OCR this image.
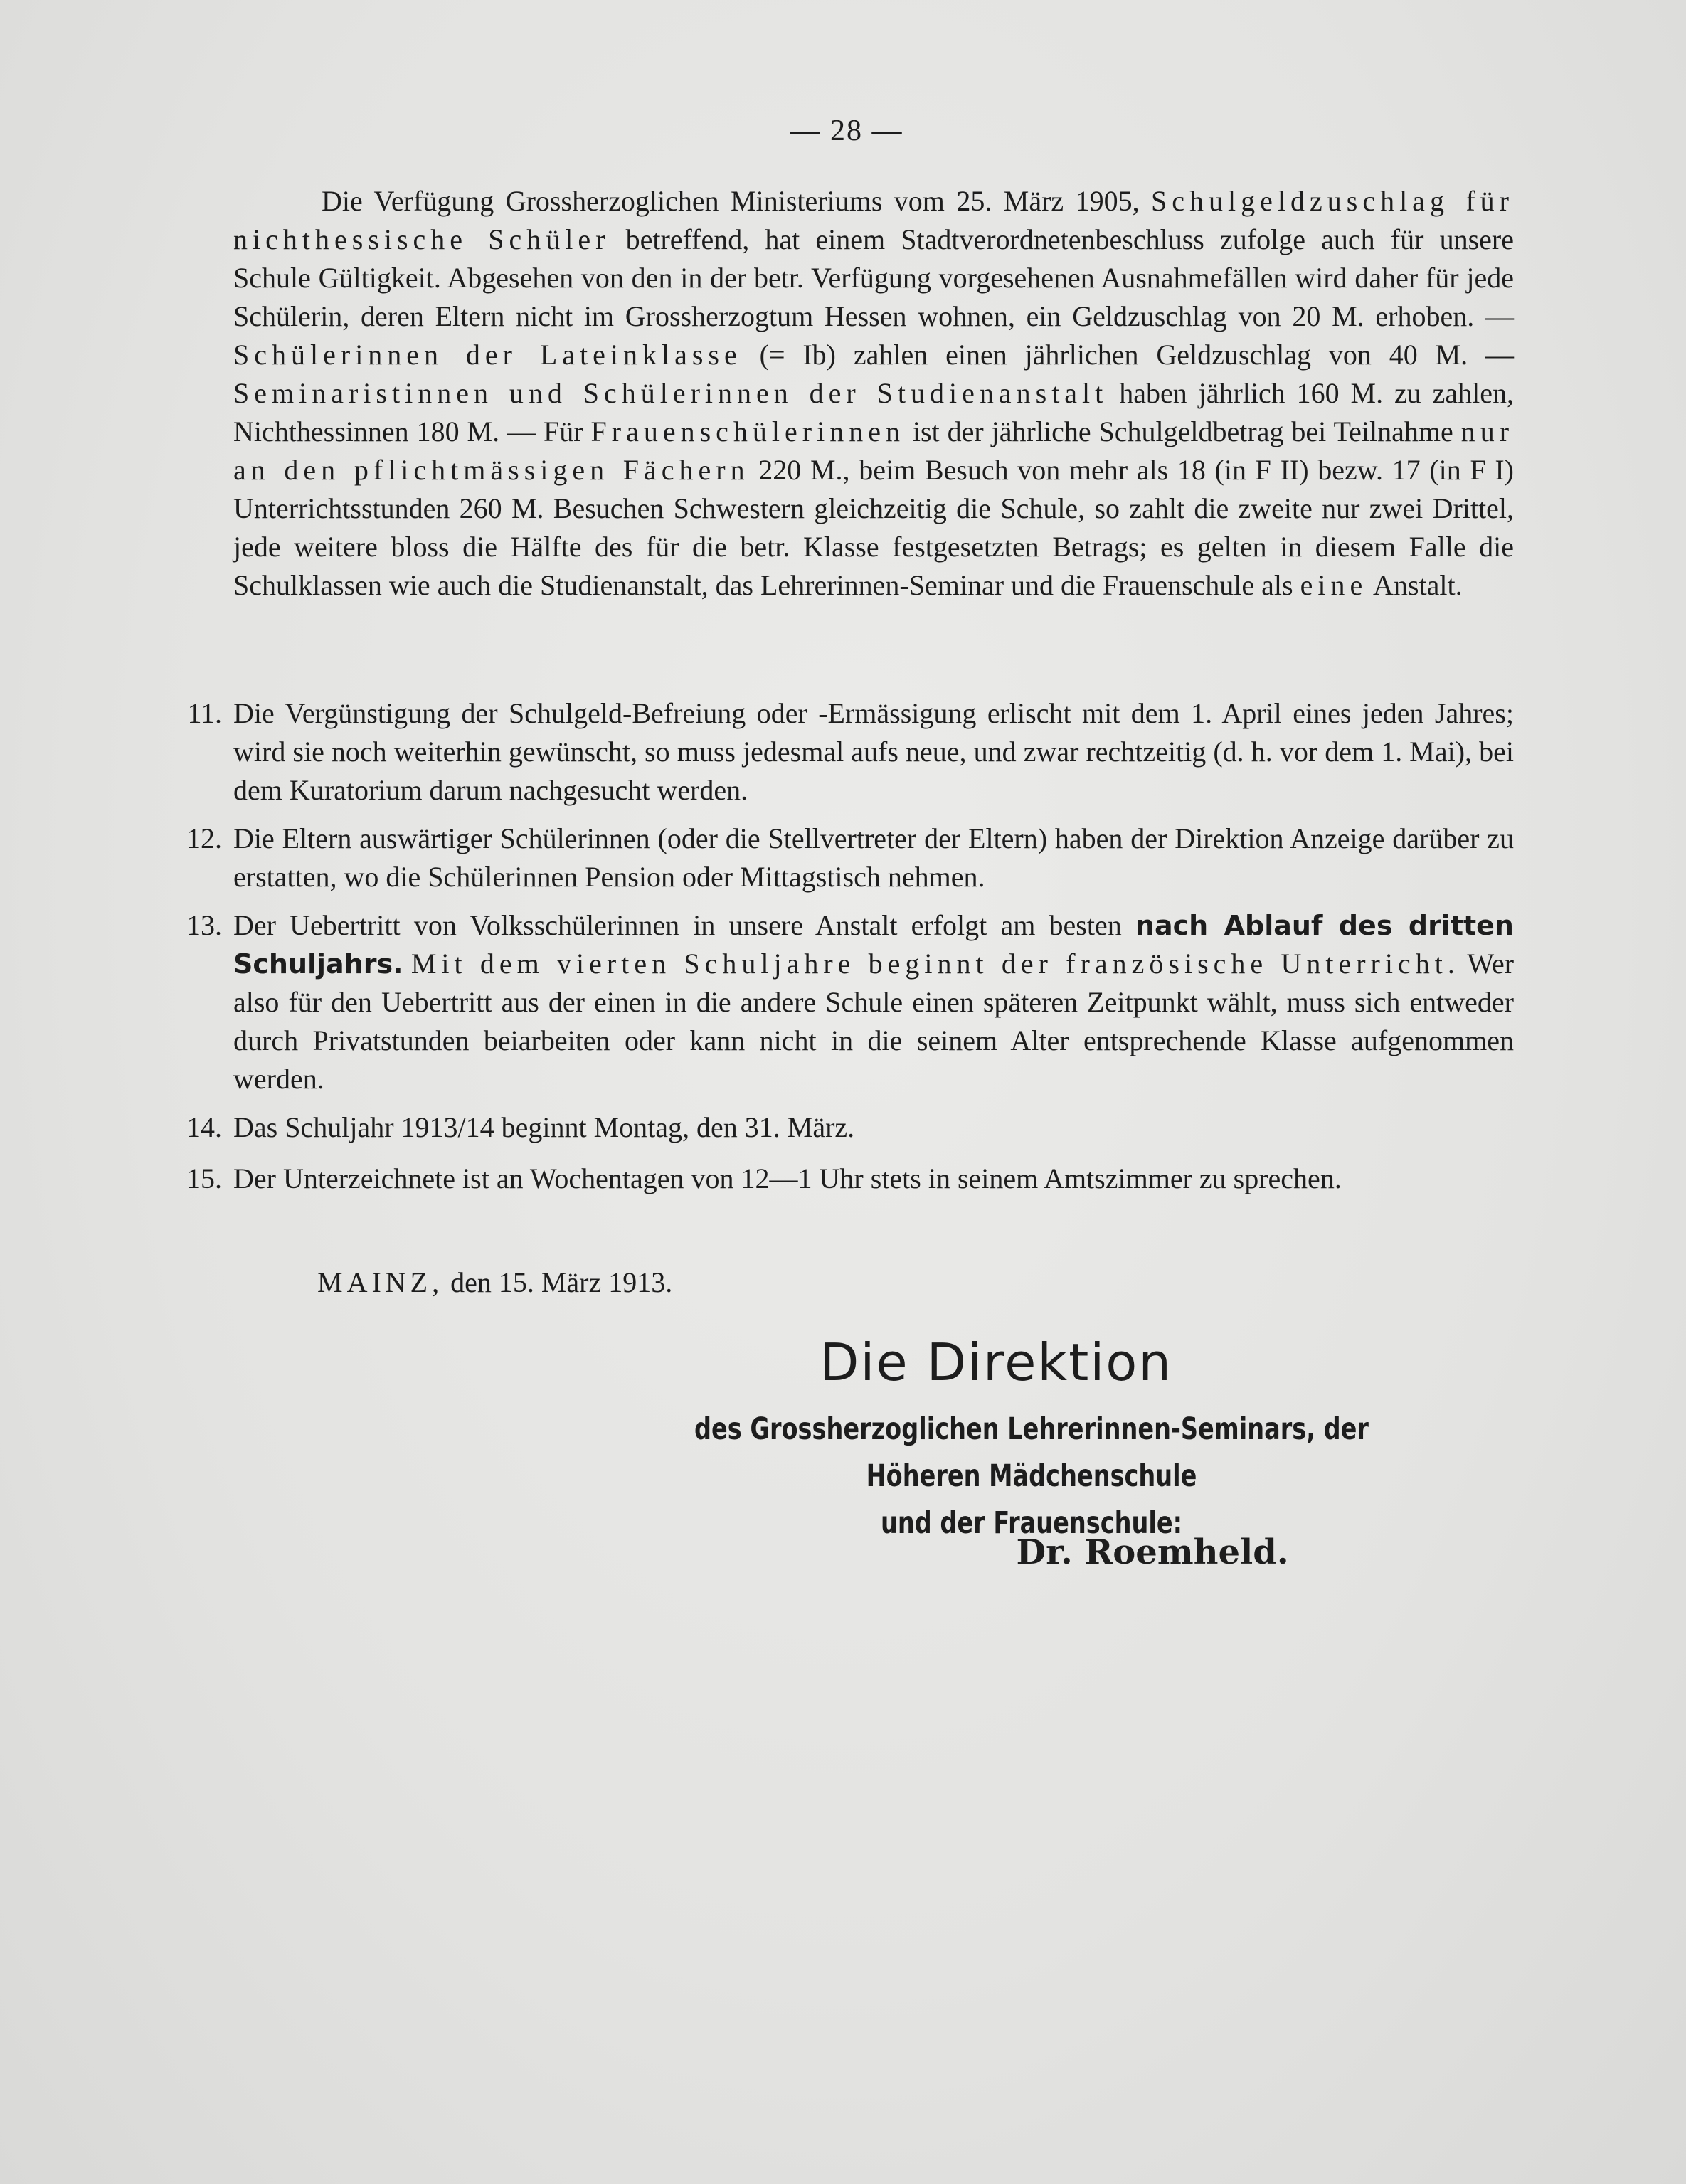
— 28 —

Die Verfügung Grossherzoglichen Ministeriums vom 25. März 1905, Schulgeldzuschlag für nichthessische Schüler betreffend, hat einem Stadtverordnetenbeschluss zufolge auch für unsere Schule Gültigkeit. Abgesehen von den in der betr. Verfügung vorgesehenen Ausnahmefällen wird daher für jede Schülerin, deren Eltern nicht im Grossherzogtum Hessen wohnen, ein Geldzuschlag von 20 M. erhoben. — Schülerinnen der Lateinklasse (= Ib) zahlen einen jährlichen Geldzuschlag von 40 M. — Seminaristinnen und Schülerinnen der Studienanstalt haben jährlich 160 M. zu zahlen, Nichthessinnen 180 M. — Für Frauenschülerinnen ist der jährliche Schulgeldbetrag bei Teilnahme nur an den pflichtmässigen Fächern 220 M., beim Besuch von mehr als 18 (in F II) bezw. 17 (in F I) Unterrichtsstunden 260 M. Besuchen Schwestern gleichzeitig die Schule, so zahlt die zweite nur zwei Drittel, jede weitere bloss die Hälfte des für die betr. Klasse festgesetzten Betrags; es gelten in diesem Falle die Schulklassen wie auch die Studienanstalt, das Lehrerinnen-Seminar und die Frauenschule als eine Anstalt.

11. Die Vergünstigung der Schulgeld-Befreiung oder -Ermässigung erlischt mit dem 1. April eines jeden Jahres; wird sie noch weiterhin gewünscht, so muss jedesmal aufs neue, und zwar rechtzeitig (d. h. vor dem 1. Mai), bei dem Kuratorium darum nachgesucht werden.
12. Die Eltern auswärtiger Schülerinnen (oder die Stellvertreter der Eltern) haben der Direktion Anzeige darüber zu erstatten, wo die Schülerinnen Pension oder Mittagstisch nehmen.
13. Der Uebertritt von Volksschülerinnen in unsere Anstalt erfolgt am besten nach Ablauf des dritten Schuljahrs. Mit dem vierten Schuljahre beginnt der französische Unterricht. Wer also für den Uebertritt aus der einen in die andere Schule einen späteren Zeitpunkt wählt, muss sich entweder durch Privatstunden beiarbeiten oder kann nicht in die seinem Alter entsprechende Klasse aufgenommen werden.
14. Das Schuljahr 1913/14 beginnt Montag, den 31. März.
15. Der Unterzeichnete ist an Wochentagen von 12—1 Uhr stets in seinem Amtszimmer zu sprechen.
MAINZ, den 15. März 1913.
Die Direktion
des Grossherzoglichen Lehrerinnen-Seminars, der Höheren Mädchenschule
und der Frauenschule:
Dr. Roemheld.
